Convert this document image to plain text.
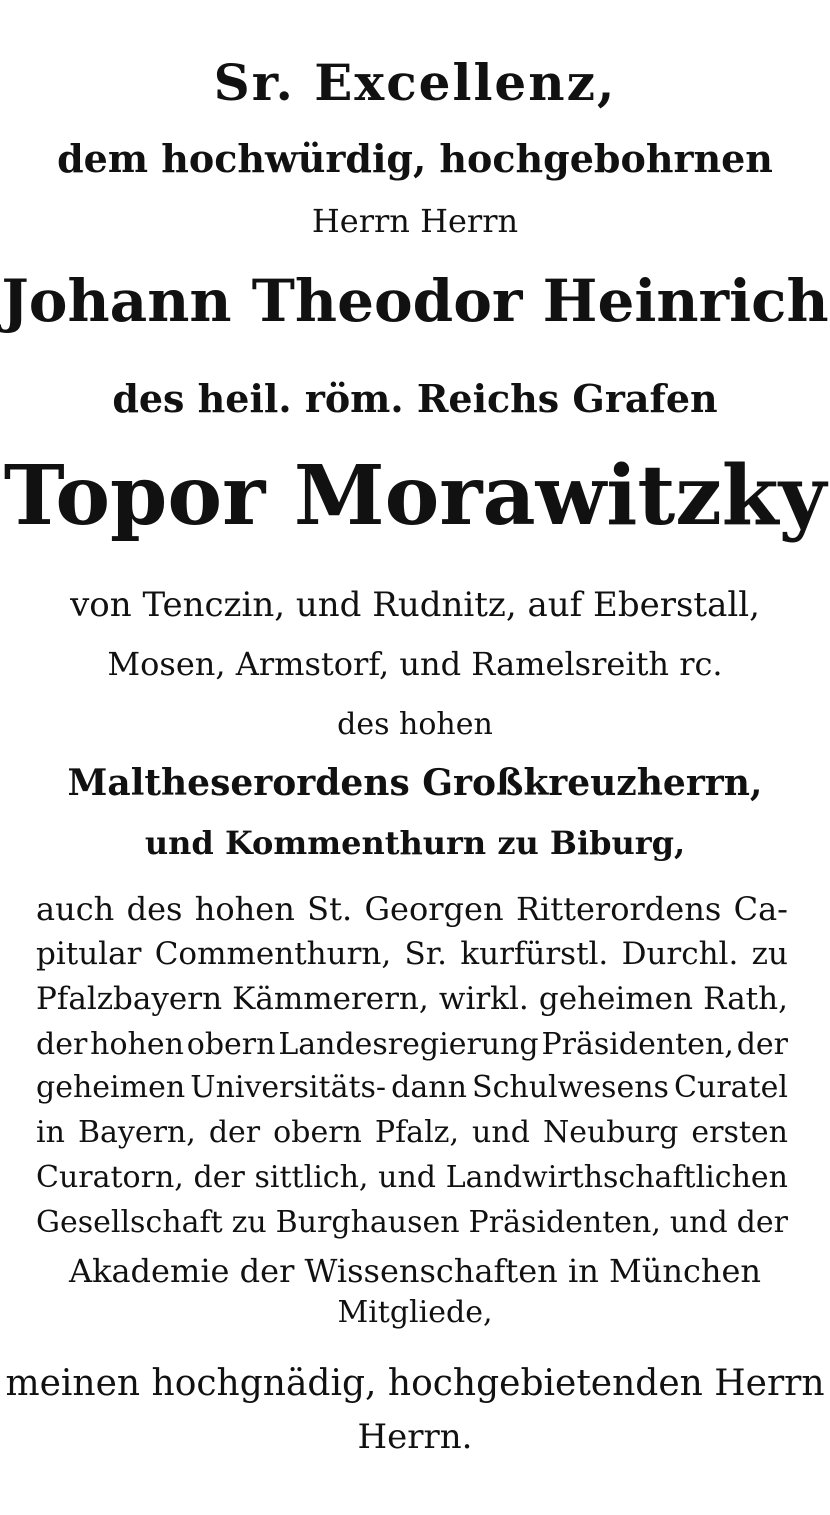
Sr. Excellenz,
dem hochwürdig, hochgebohrnen
Herrn Herrn
Johann Theodor Heinrich
des heil. röm. Reichs Grafen
Topor Morawitzky
von Tenczin, und Rudnitz, auf Eberstall,
Mosen, Armstorf, und Ramelsreith rc.
des hohen
Maltheserordens Großkreuzherrn,
und Kommenthurn zu Biburg,
auch des hohen St. Georgen Ritterordens Ca-
pitular Commenthurn, Sr. kurfürstl. Durchl. zu
Pfalzbayern Kämmerern, wirkl. geheimen Rath,
der hohen obern Landesregierung Präsidenten, der
geheimen Universitäts- dann Schulwesens Curatel
in Bayern, der obern Pfalz, und Neuburg ersten
Curatorn, der sittlich, und Landwirthschaftlichen
Gesellschaft zu Burghausen Präsidenten, und der
Akademie der Wissenschaften in München
Mitgliede,
meinen hochgnädig, hochgebietenden Herrn
Herrn.
